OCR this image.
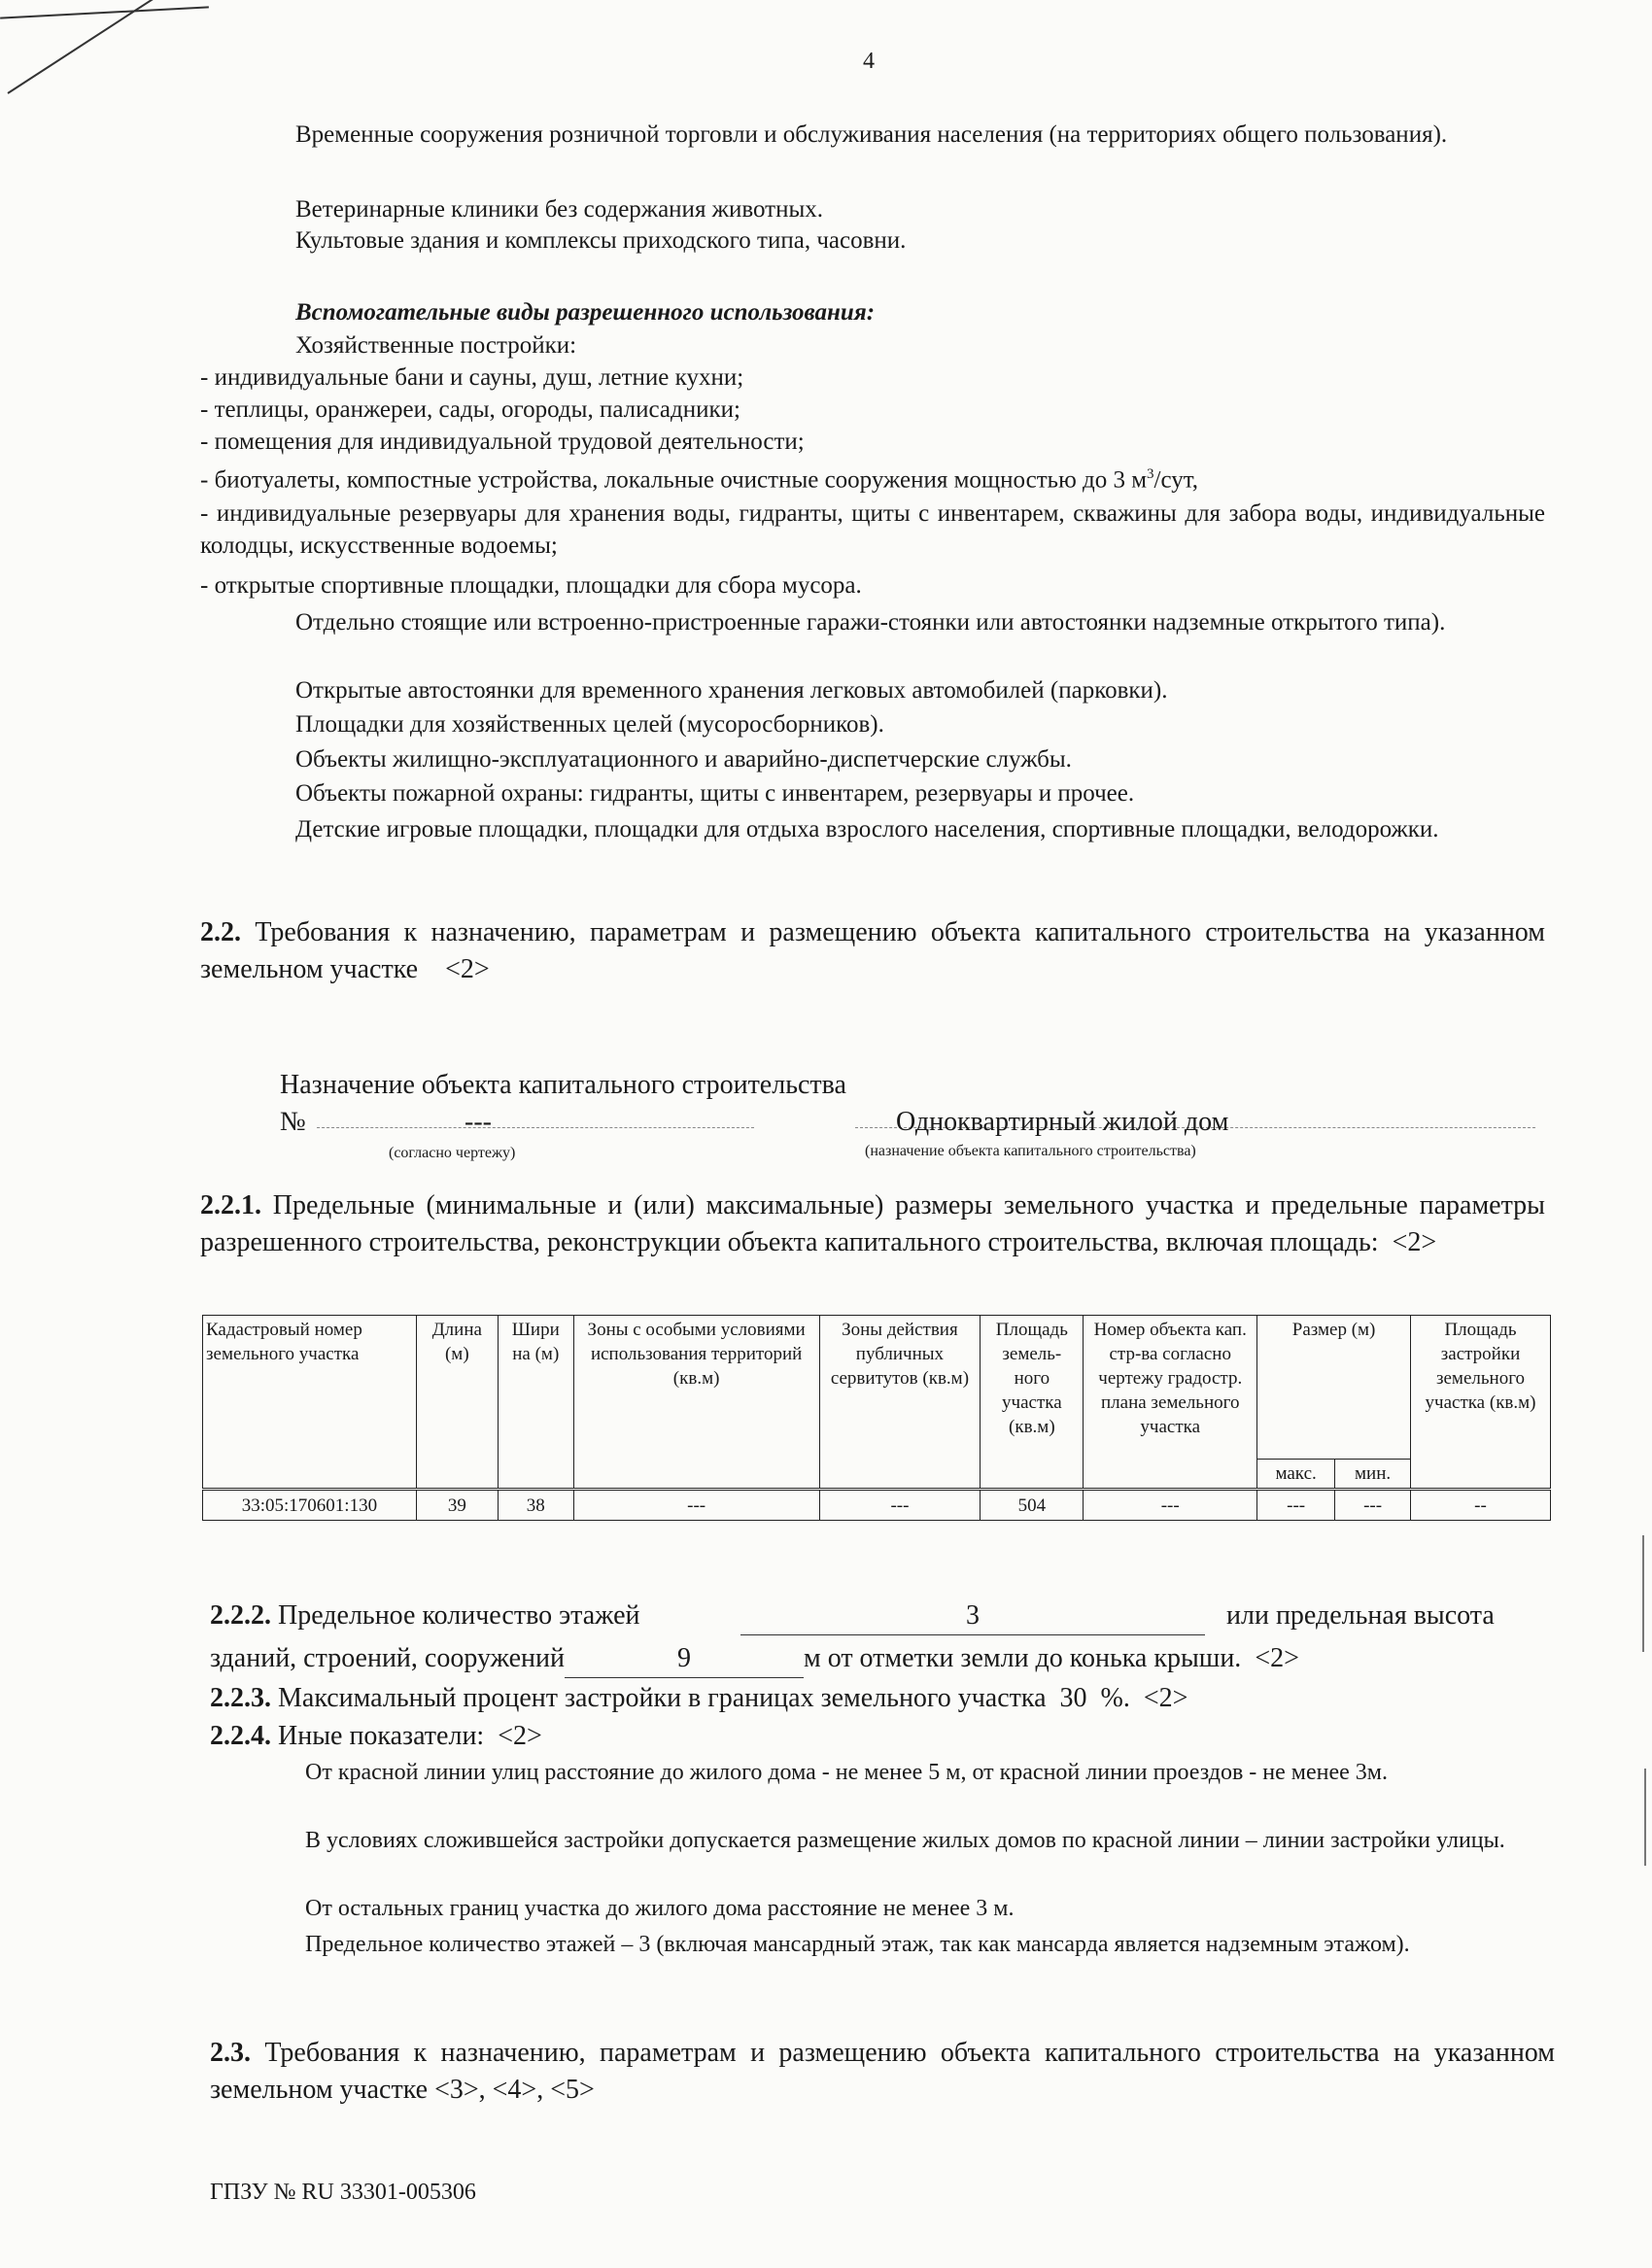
4
Временные сооружения розничной торговли и обслуживания населения (на территориях общего пользования).
Ветеринарные клиники без содержания животных.
Культовые здания и комплексы приходского типа, часовни.
Вспомогательные виды разрешенного использования:
Хозяйственные постройки:
- индивидуальные бани и сауны, душ, летние кухни;
- теплицы, оранжереи, сады, огороды, палисадники;
- помещения для индивидуальной трудовой деятельности;
- биотуалеты, компостные устройства, локальные очистные сооружения мощностью до 3 $м^3$/сут,
- индивидуальные резервуары для хранения воды, гидранты, щиты с инвентарем, скважины для забора воды, индивидуальные колодцы, искусственные водоемы;
- открытые спортивные площадки, площадки для сбора мусора.
Отдельно стоящие или встроенно-пристроенные гаражи-стоянки или автостоянки надземные открытого типа).
Открытые автостоянки для временного хранения легковых автомобилей (парковки).
Площадки для хозяйственных целей (мусоросборников).
Объекты жилищно-эксплуатационного и аварийно-диспетчерские службы.
Объекты пожарной охраны: гидранты, щиты с инвентарем, резервуары и прочее.
Детские игровые площадки, площадки для отдыха взрослого населения, спортивные площадки, велодорожки.
2.2. Требования к назначению, параметрам и размещению объекта капитального строительства на указанном земельном участке <2>
Назначение объекта капитального строительства
№	---
(согласно чертежу)
Одноквартирный жилой дом
(назначение объекта капитального строительства)
2.2.1. Предельные (минимальные и (или) максимальные) размеры земельного участка и предельные параметры разрешенного строительства, реконструкции объекта капитального строительства, включая площадь: <2>
Кадастровый номер земельного участка	Длина (м)	Шири на (м)	Зоны с особыми условиями использования территорий (кв.м)	Зоны действия публичных сервитутов (кв.м)	Площадь земель- ного участка (кв.м)	Номер объекта кап. стр-ва согласно чертежу градостр. плана земельного участка	Размер (м)		Площадь застройки земельного участка (кв.м)
							макс.	мин.	
33:05:170601:130	39	38	---	---	504	---	---	---	--
2.2.2. Предельное количество этажей	3	или предельная высота
зданий, строений, сооружений	9	м от отметки земли до конька крыши. <2>
2.2.3. Максимальный процент застройки в границах земельного участка 30 %. <2>
2.2.4. Иные показатели: <2>
От красной линии улиц расстояние до жилого дома - не менее 5 м, от красной линии проездов - не менее 3м.
В условиях сложившейся застройки допускается размещение жилых домов по красной линии – линии застройки улицы.
От остальных границ участка до жилого дома расстояние не менее 3 м.
Предельное количество этажей – 3 (включая мансардный этаж, так как мансарда является надземным этажом).
2.3. Требования к назначению, параметрам и размещению объекта капитального строительства на указанном земельном участке <3>, <4>, <5>
ГПЗУ № RU 33301-005306
